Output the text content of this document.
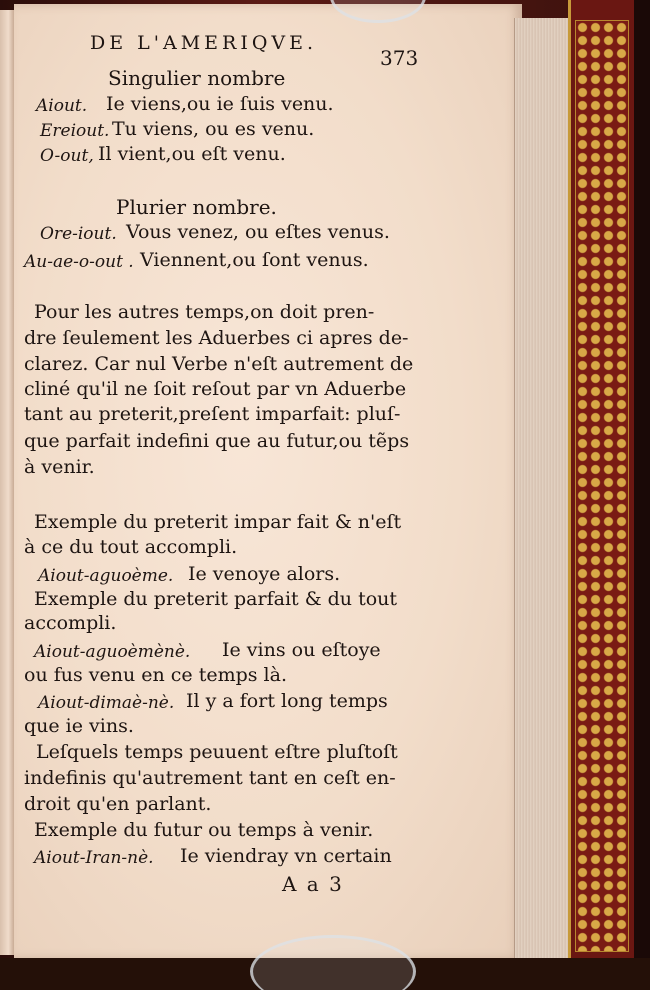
DE L'AMERIQVE.
373
Singulier nombre
Aiout. Ie viens,ou ie ſuis venu.
Ereiout. Tu viens, ou es venu.
O-out, Il vient,ou eſt venu.
Plurier nombre.
Ore-iout. Vous venez, ou eſtes venus.
Au-ae-o-out . Viennent,ou ſont venus.
Pour les autres temps,on doit pren-
dre ſeulement les Aduerbes ci apres de-
clarez. Car nul Verbe n'eſt autrement de
cliné qu'il ne ſoit reſout par vn Aduerbe
tant au preterit,preſent imparfait: pluſ-
que parfait indefini que au futur,ou tẽps
à venir.
Exemple du preterit impar fait & n'eſt
à ce du tout accompli.
Aiout-aguoème. Ie venoye alors.
Exemple du preterit parfait & du tout
accompli.
Aiout-aguoèmènè. Ie vins ou eſtoye
ou fus venu en ce temps là.
Aiout-dimaè-nè. Il y a fort long temps
que ie vins.
Leſquels temps peuuent eſtre pluſtoſt
indefinis qu'autrement tant en ceſt en-
droit qu'en parlant.
Exemple du futur ou temps à venir.
Aiout-Iran-nè. Ie viendray vn certain
A a 3
